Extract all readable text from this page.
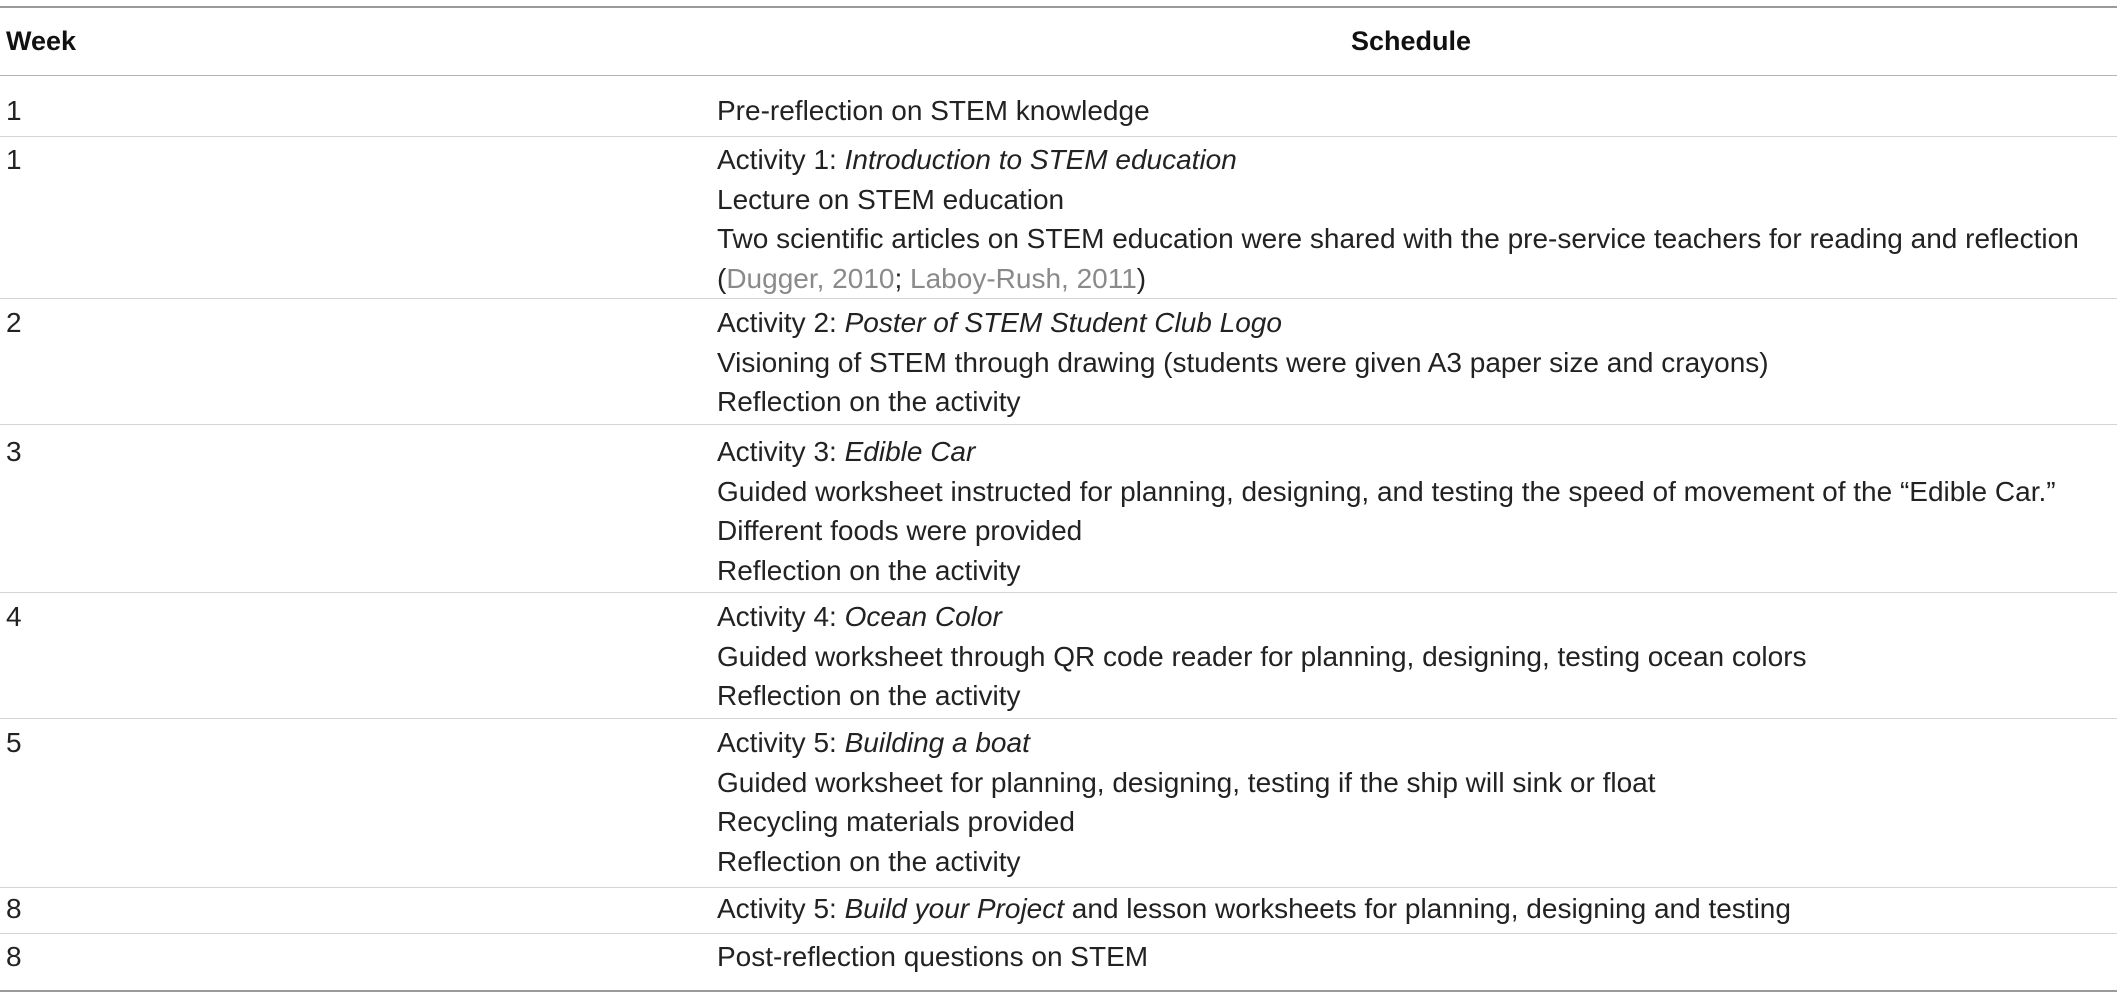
Week	Schedule
1	Pre-reflection on STEM knowledge
1	Activity 1: Introduction to STEM education
Lecture on STEM education
Two scientific articles on STEM education were shared with the pre-service teachers for reading and reflection
(Dugger, 2010; Laboy-Rush, 2011)
2	Activity 2: Poster of STEM Student Club Logo
Visioning of STEM through drawing (students were given A3 paper size and crayons)
Reflection on the activity
3	Activity 3: Edible Car
Guided worksheet instructed for planning, designing, and testing the speed of movement of the “Edible Car.”
Different foods were provided
Reflection on the activity
4	Activity 4: Ocean Color
Guided worksheet through QR code reader for planning, designing, testing ocean colors
Reflection on the activity
5	Activity 5: Building a boat
Guided worksheet for planning, designing, testing if the ship will sink or float
Recycling materials provided
Reflection on the activity
8	Activity 5: Build your Project and lesson worksheets for planning, designing and testing
8	Post-reflection questions on STEM
